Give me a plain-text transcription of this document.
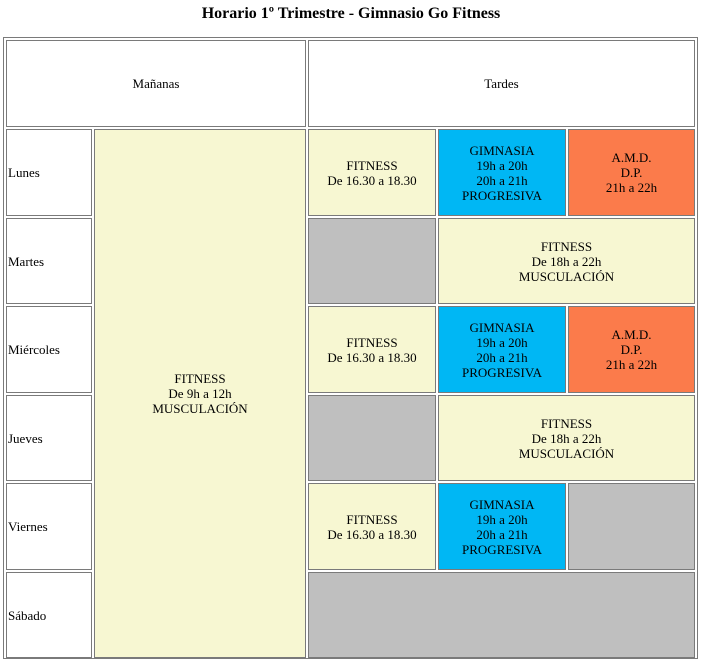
Horario 1º Trimestre - Gimnasio Go Fitness
Mañanas	Tardes
Lunes
Martes
Miércoles
Jueves
Viernes
Sábado
FITNESS
De 9h a 12h
MUSCULACIÓN
FITNESS
De 16.30 a 18.30
GIMNASIA
19h a 20h
20h a 21h
PROGRESIVA
A.M.D.
D.P.
21h a 22h
FITNESS
De 18h a 22h
MUSCULACIÓN
FITNESS
De 16.30 a 18.30
GIMNASIA
19h a 20h
20h a 21h
PROGRESIVA
A.M.D.
D.P.
21h a 22h
FITNESS
De 18h a 22h
MUSCULACIÓN
FITNESS
De 16.30 a 18.30
GIMNASIA
19h a 20h
20h a 21h
PROGRESIVA
